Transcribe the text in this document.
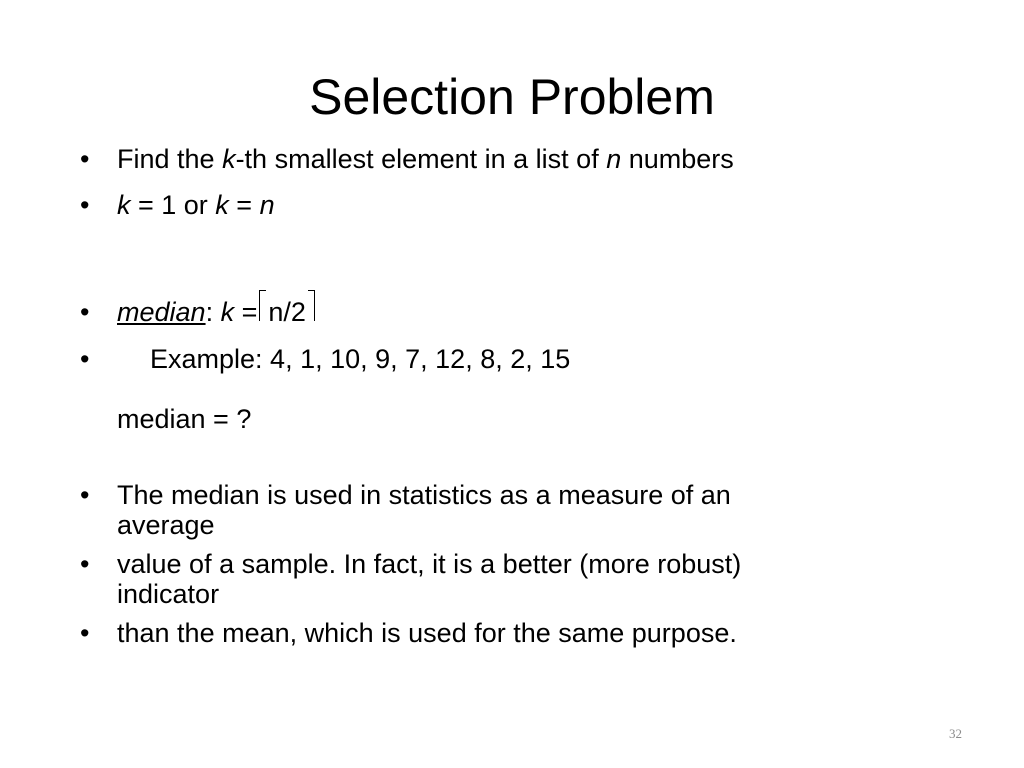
Selection Problem
• Find the k-th smallest element in a list of n numbers
• k = 1 or k = n
• median: k = n/2
• Example: 4, 1, 10, 9, 7, 12, 8, 2, 15
median = ?
• The median is used in statistics as a measure of an
average
• value of a sample. In fact, it is a better (more robust)
indicator
• than the mean, which is used for the same purpose.
32
